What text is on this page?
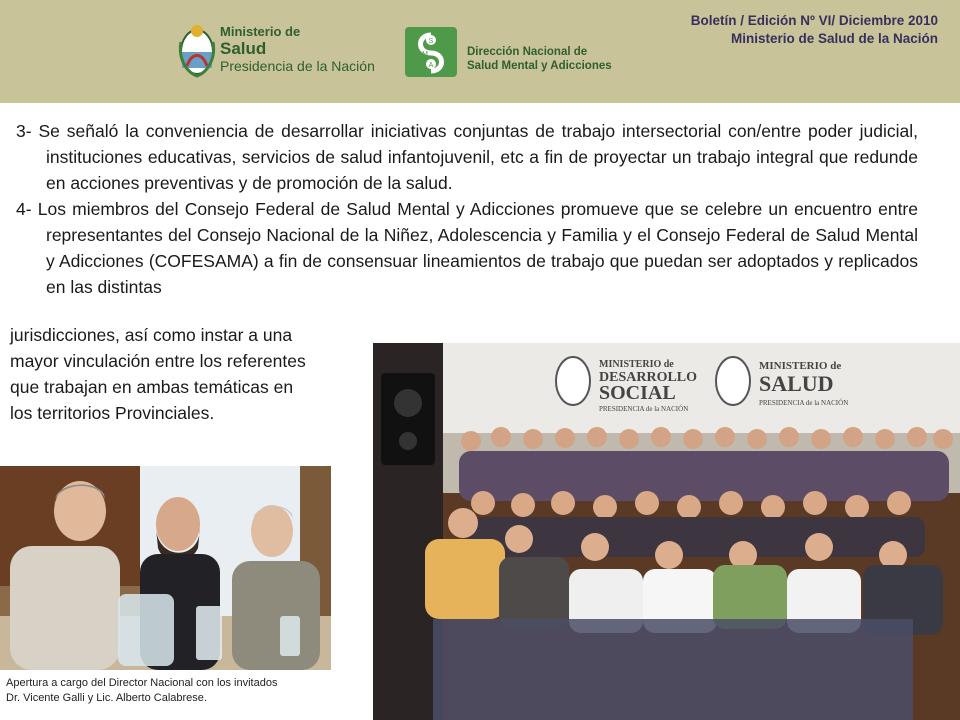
Ministerio de
Salud
Presidencia de la Nación
S
M
A
Dirección Nacional de
Salud Mental y Adicciones
Boletín / Edición Nº VI/ Diciembre 2010
Ministerio de Salud de la Nación

3- Se señaló la conveniencia de desarrollar iniciativas conjuntas de trabajo intersectorial con/entre poder judicial, instituciones educativas, servicios de salud infantojuvenil, etc a fin de proyectar un trabajo integral que redunde en acciones preventivas y de promoción de la salud.

4- Los miembros del Consejo Federal de Salud Mental y Adicciones promueve que se celebre un encuentro entre representantes del Consejo Nacional de la Niñez, Adolescencia y Familia y el Consejo Federal de Salud Mental y Adicciones (COFESAMA) a fin de consensuar lineamientos de trabajo que puedan ser adoptados y replicados en las distintas

jurisdicciones, así como instar a una
mayor vinculación entre los referentes
que trabajan en ambas temáticas en
los territorios Provinciales.
Apertura a cargo del Director Nacional con los invitados
Dr. Vicente Galli y Lic. Alberto Calabrese.
MINISTERIO de
DESARROLLO
SOCIAL
PRESIDENCIA de la NACIÓN
MINISTERIO de
SALUD
PRESIDENCIA de la NACIÓN
